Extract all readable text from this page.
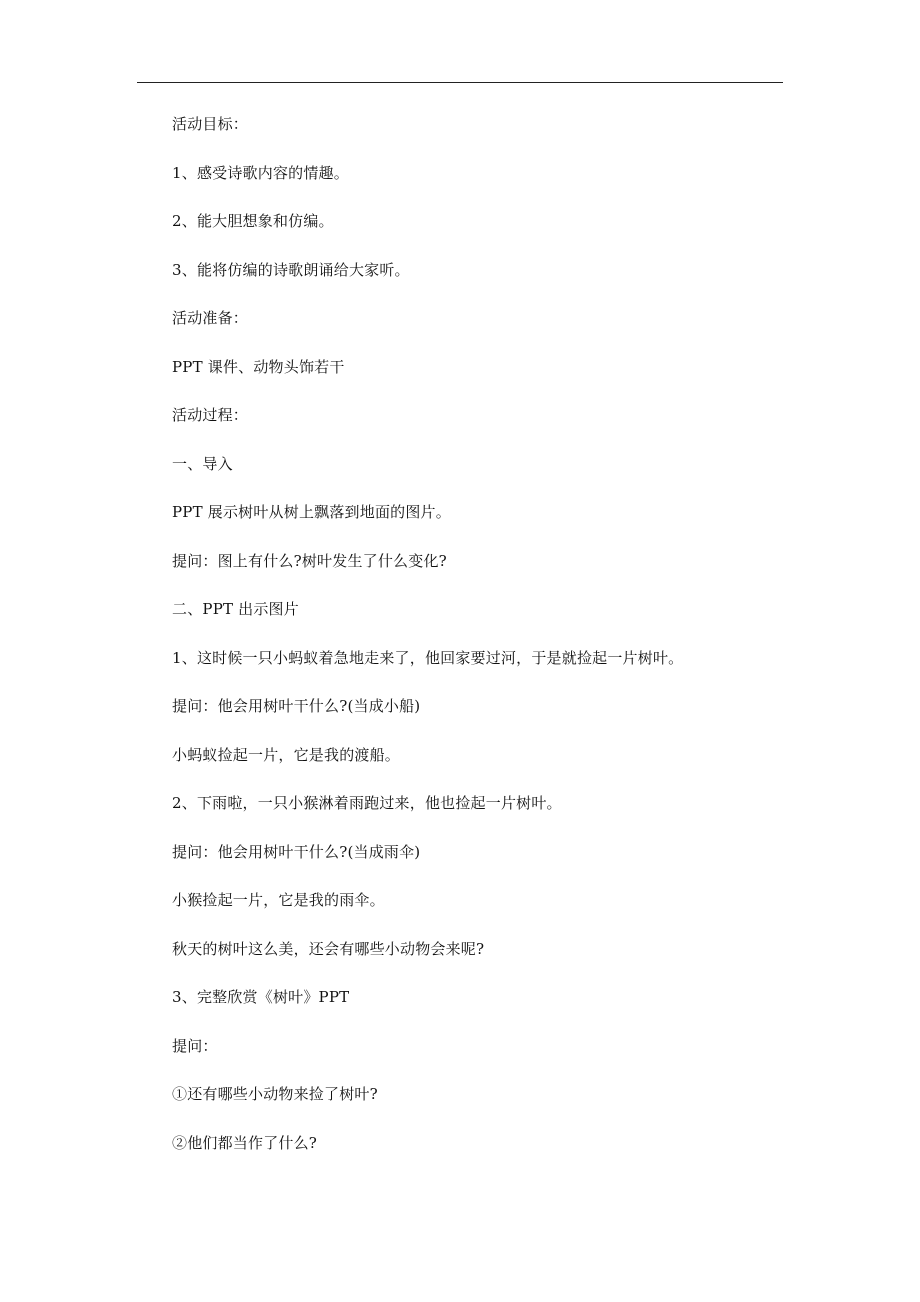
活动目标：
1、感受诗歌内容的情趣。
2、能大胆想象和仿编。
3、能将仿编的诗歌朗诵给大家听。
活动准备：
PPT 课件、动物头饰若干
活动过程：
一、导入
PPT 展示树叶从树上飘落到地面的图片。
提问：图上有什么?树叶发生了什么变化?
二、PPT 出示图片
1、这时候一只小蚂蚁着急地走来了，他回家要过河，于是就捡起一片树叶。
提问：他会用树叶干什么?(当成小船)
小蚂蚁捡起一片，它是我的渡船。
2、下雨啦，一只小猴淋着雨跑过来，他也捡起一片树叶。
提问：他会用树叶干什么?(当成雨伞)
小猴捡起一片，它是我的雨伞。
秋天的树叶这么美，还会有哪些小动物会来呢?
3、完整欣赏《树叶》PPT
提问：
①还有哪些小动物来捡了树叶?
②他们都当作了什么?
